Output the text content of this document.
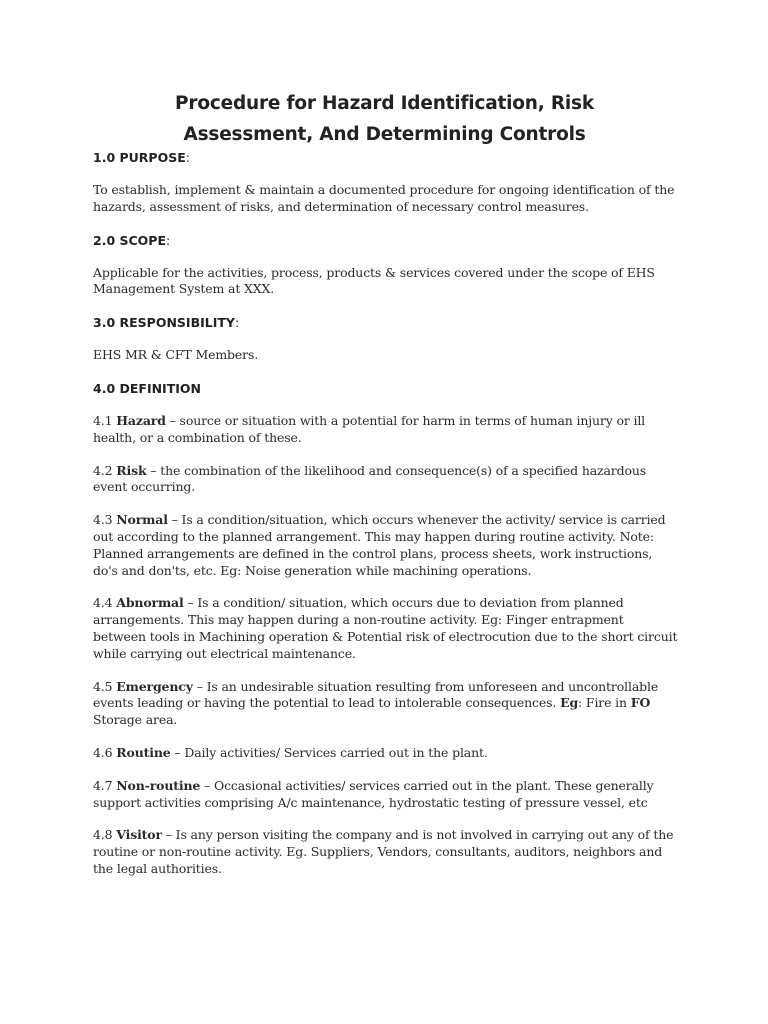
Procedure for Hazard Identification, Risk
Assessment, And Determining Controls

1.0 PURPOSE:

To establish, implement & maintain a documented procedure for ongoing identification of the hazards, assessment of risks, and determination of necessary control measures.

2.0 SCOPE:

Applicable for the activities, process, products & services covered under the scope of EHS Management System at XXX.

3.0 RESPONSIBILITY:

EHS MR & CFT Members.

4.0 DEFINITION

4.1 Hazard – source or situation with a potential for harm in terms of human injury or ill health, or a combination of these.

4.2 Risk – the combination of the likelihood and consequence(s) of a specified hazardous event occurring.

4.3 Normal – Is a condition/situation, which occurs whenever the activity/ service is carried out according to the planned arrangement. This may happen during routine activity. Note: Planned arrangements are defined in the control plans, process sheets, work instructions, do's and don'ts, etc. Eg: Noise generation while machining operations.

4.4 Abnormal – Is a condition/ situation, which occurs due to deviation from planned arrangements. This may happen during a non-routine activity. Eg: Finger entrapment between tools in Machining operation & Potential risk of electrocution due to the short circuit while carrying out electrical maintenance.

4.5 Emergency – Is an undesirable situation resulting from unforeseen and uncontrollable events leading or having the potential to lead to intolerable consequences. Eg: Fire in FO Storage area.

4.6 Routine – Daily activities/ Services carried out in the plant.

4.7 Non-routine – Occasional activities/ services carried out in the plant. These generally support activities comprising A/c maintenance, hydrostatic testing of pressure vessel, etc

4.8 Visitor – Is any person visiting the company and is not involved in carrying out any of the routine or non-routine activity. Eg. Suppliers, Vendors, consultants, auditors, neighbors and the legal authorities.
